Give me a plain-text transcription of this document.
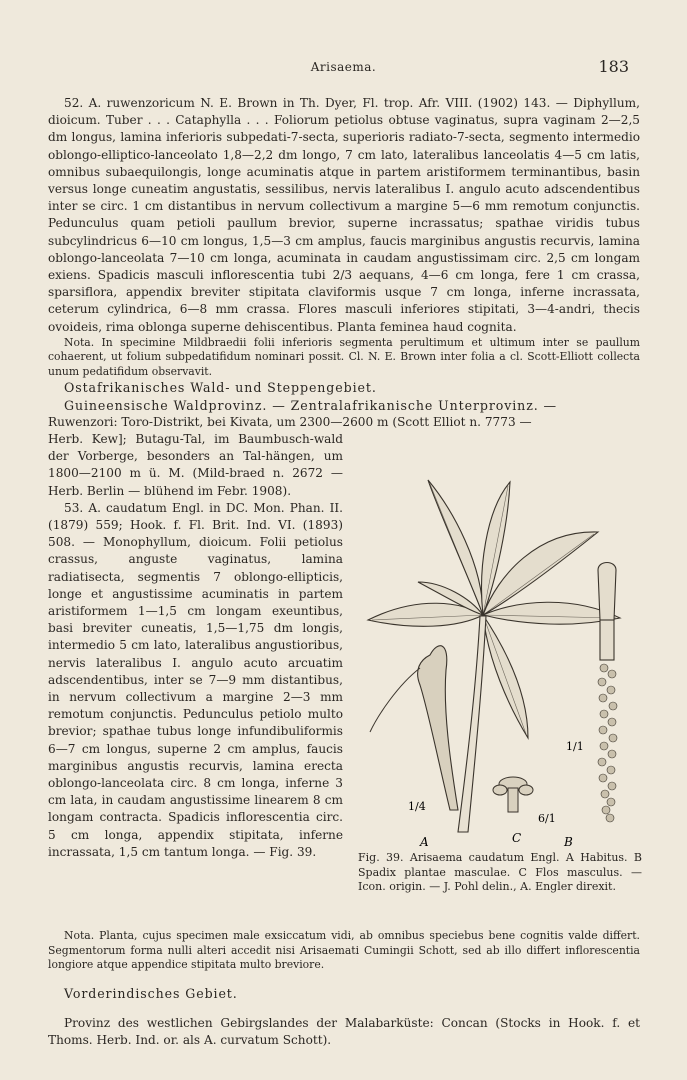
Arisaema.	183

52. A. ruwenzoricum N. E. Brown in Th. Dyer, Fl. trop. Afr. VIII. (1902) 143. — Diphyllum, dioicum. Tuber . . . Cataphylla . . . Foliorum petiolus obtuse vaginatus, supra vaginam 2—2,5 dm longus, lamina inferioris subpedati-7-secta, superioris radiato-7-secta, segmento intermedio oblongo-elliptico-lanceolato 1,8—2,2 dm longo, 7 cm lato, lateralibus lanceolatis 4—5 cm latis, omnibus subaequilongis, longe acuminatis atque in partem aristiformem terminantibus, basin versus longe cuneatim angustatis, sessilibus, nervis lateralibus I. angulo acuto adscendentibus inter se circ. 1 cm distantibus in nervum collectivum a margine 5—6 mm remotum conjunctis. Pedunculus quam petioli paullum brevior, superne incrassatus; spathae viridis tubus subcylindricus 6—10 cm longus, 1,5—3 cm amplus, faucis marginibus angustis recurvis, lamina oblongo-lanceolata 7—10 cm longa, acuminata in caudam angustissimam circ. 2,5 cm longam exiens. Spadicis masculi inflorescentia tubi 2/3 aequans, 4—6 cm longa, fere 1 cm crassa, sparsiflora, appendix breviter stipitata claviformis usque 7 cm longa, inferne incrassata, ceterum cylindrica, 6—8 mm crassa. Flores masculi inferiores stipitati, 3—4-andri, thecis ovoideis, rima oblonga superne dehiscentibus. Planta feminea haud cognita.

Nota. In specimine Mildbraedii folii inferioris segmenta perultimum et ultimum inter se paullum cohaerent, ut folium subpedatifidum nominari possit. Cl. N. E. Brown inter folia a cl. Scott-Elliott collecta unum pedatifidum observavit.

Ostafrikanisches Wald- und Steppengebiet.

Guineensische Waldprovinz. — Zentralafrikanische Unterprovinz. —

Ruwenzori: Toro-Distrikt, bei Kivata, um 2300—2600 m (Scott Elliot n. 7773 —

Herb. Kew]; Butagu-Tal, im Baumbusch-wald der Vorberge, besonders an Tal-hängen, um 1800—2100 m ü. M. (Mild-braed n. 2672 — Herb. Berlin — blühend im Febr. 1908).

53. A. caudatum Engl. in DC. Mon. Phan. II. (1879) 559; Hook. f. Fl. Brit. Ind. VI. (1893) 508. — Monophyllum, dioicum. Folii petiolus crassus, anguste vaginatus, lamina radiatisecta, segmentis 7 oblongo-ellipticis, longe et angustissime acuminatis in partem aristiformem 1—1,5 cm longam exeuntibus, basi breviter cuneatis, 1,5—1,75 dm longis, intermedio 5 cm lato, lateralibus angustioribus, nervis lateralibus I. angulo acuto arcuatim adscendentibus, inter se 7—9 mm distantibus, in nervum collectivum a margine 2—3 mm remotum conjunctis. Pedunculus petiolo multo brevior; spathae tubus longe infundibuliformis 6—7 cm longus, superne 2 cm amplus, faucis marginibus angustis recurvis, lamina erecta oblongo-lanceolata circ. 8 cm longa, inferne 3 cm lata, in caudam angustissime linearem 8 cm longam contracta. Spadicis inflorescentia circ. 5 cm longa, appendix stipitata, inferne incrassata, 1,5 cm tantum longa. — Fig. 39.

A	C	B
1/4
6/1
1/1
Fig. 39. Arisaema caudatum Engl. A Habitus. B Spadix plantae masculae. C Flos masculus. — Icon. origin. — J. Pohl delin., A. Engler direxit.

Nota. Planta, cujus specimen male exsiccatum vidi, ab omnibus speciebus bene cognitis valde differt. Segmentorum forma nulli alteri accedit nisi Arisaemati Cumingii Schott, sed ab illo differt inflorescentia longiore atque appendice stipitata multo breviore.

Vorderindisches Gebiet.

Provinz des westlichen Gebirgslandes der Malabarküste: Concan (Stocks in Hook. f. et Thoms. Herb. Ind. or. als A. curvatum Schott).
